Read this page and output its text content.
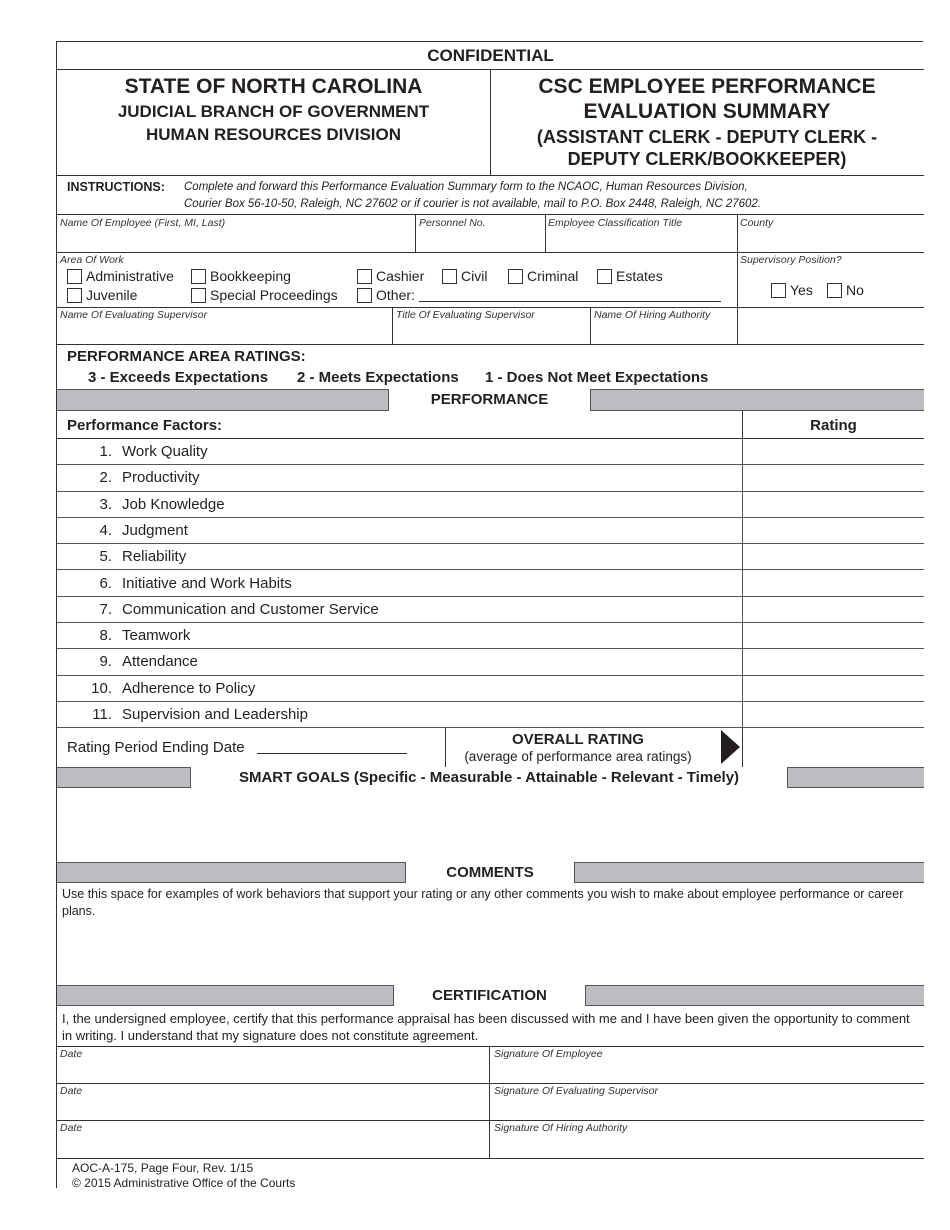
CONFIDENTIAL
STATE OF NORTH CAROLINA
JUDICIAL BRANCH OF GOVERNMENT
HUMAN RESOURCES DIVISION
CSC EMPLOYEE PERFORMANCE
EVALUATION SUMMARY
(ASSISTANT CLERK - DEPUTY CLERK -
DEPUTY CLERK/BOOKKEEPER)
INSTRUCTIONS: Complete and forward this Performance Evaluation Summary form to the NCAOC, Human Resources Division,
Courier Box 56-10-50, Raleigh, NC 27602 or if courier is not available, mail to P.O. Box 2448, Raleigh, NC 27602.
Name Of Employee (First, MI, Last)	Personnel No.	Employee Classification Title	County
Area Of Work
Administrative	Bookkeeping	Cashier	Civil	Criminal	Estates
Juvenile	Special Proceedings	Other:
Supervisory Position?
Yes	No
Name Of Evaluating Supervisor	Title Of Evaluating Supervisor	Name Of Hiring Authority
PERFORMANCE AREA RATINGS:
3 - Exceeds Expectations 2 - Meets Expectations 1 - Does Not Meet Expectations
PERFORMANCE
Performance Factors:	Rating
1. Work Quality
2. Productivity
3. Job Knowledge
4. Judgment
5. Reliability
6. Initiative and Work Habits
7. Communication and Customer Service
8. Teamwork
9. Attendance
10. Adherence to Policy
11. Supervision and Leadership
Rating Period Ending Date	OVERALL RATING
(average of performance area ratings)
SMART GOALS (Specific - Measurable - Attainable - Relevant - Timely)
COMMENTS
Use this space for examples of work behaviors that support your rating or any other comments you wish to make about employee performance or career plans.
CERTIFICATION
I, the undersigned employee, certify that this performance appraisal has been discussed with me and I have been given the opportunity to comment in writing. I understand that my signature does not constitute agreement.
Date	Signature Of Employee
Date	Signature Of Evaluating Supervisor
Date	Signature Of Hiring Authority
AOC-A-175, Page Four, Rev. 1/15
© 2015 Administrative Office of the Courts
